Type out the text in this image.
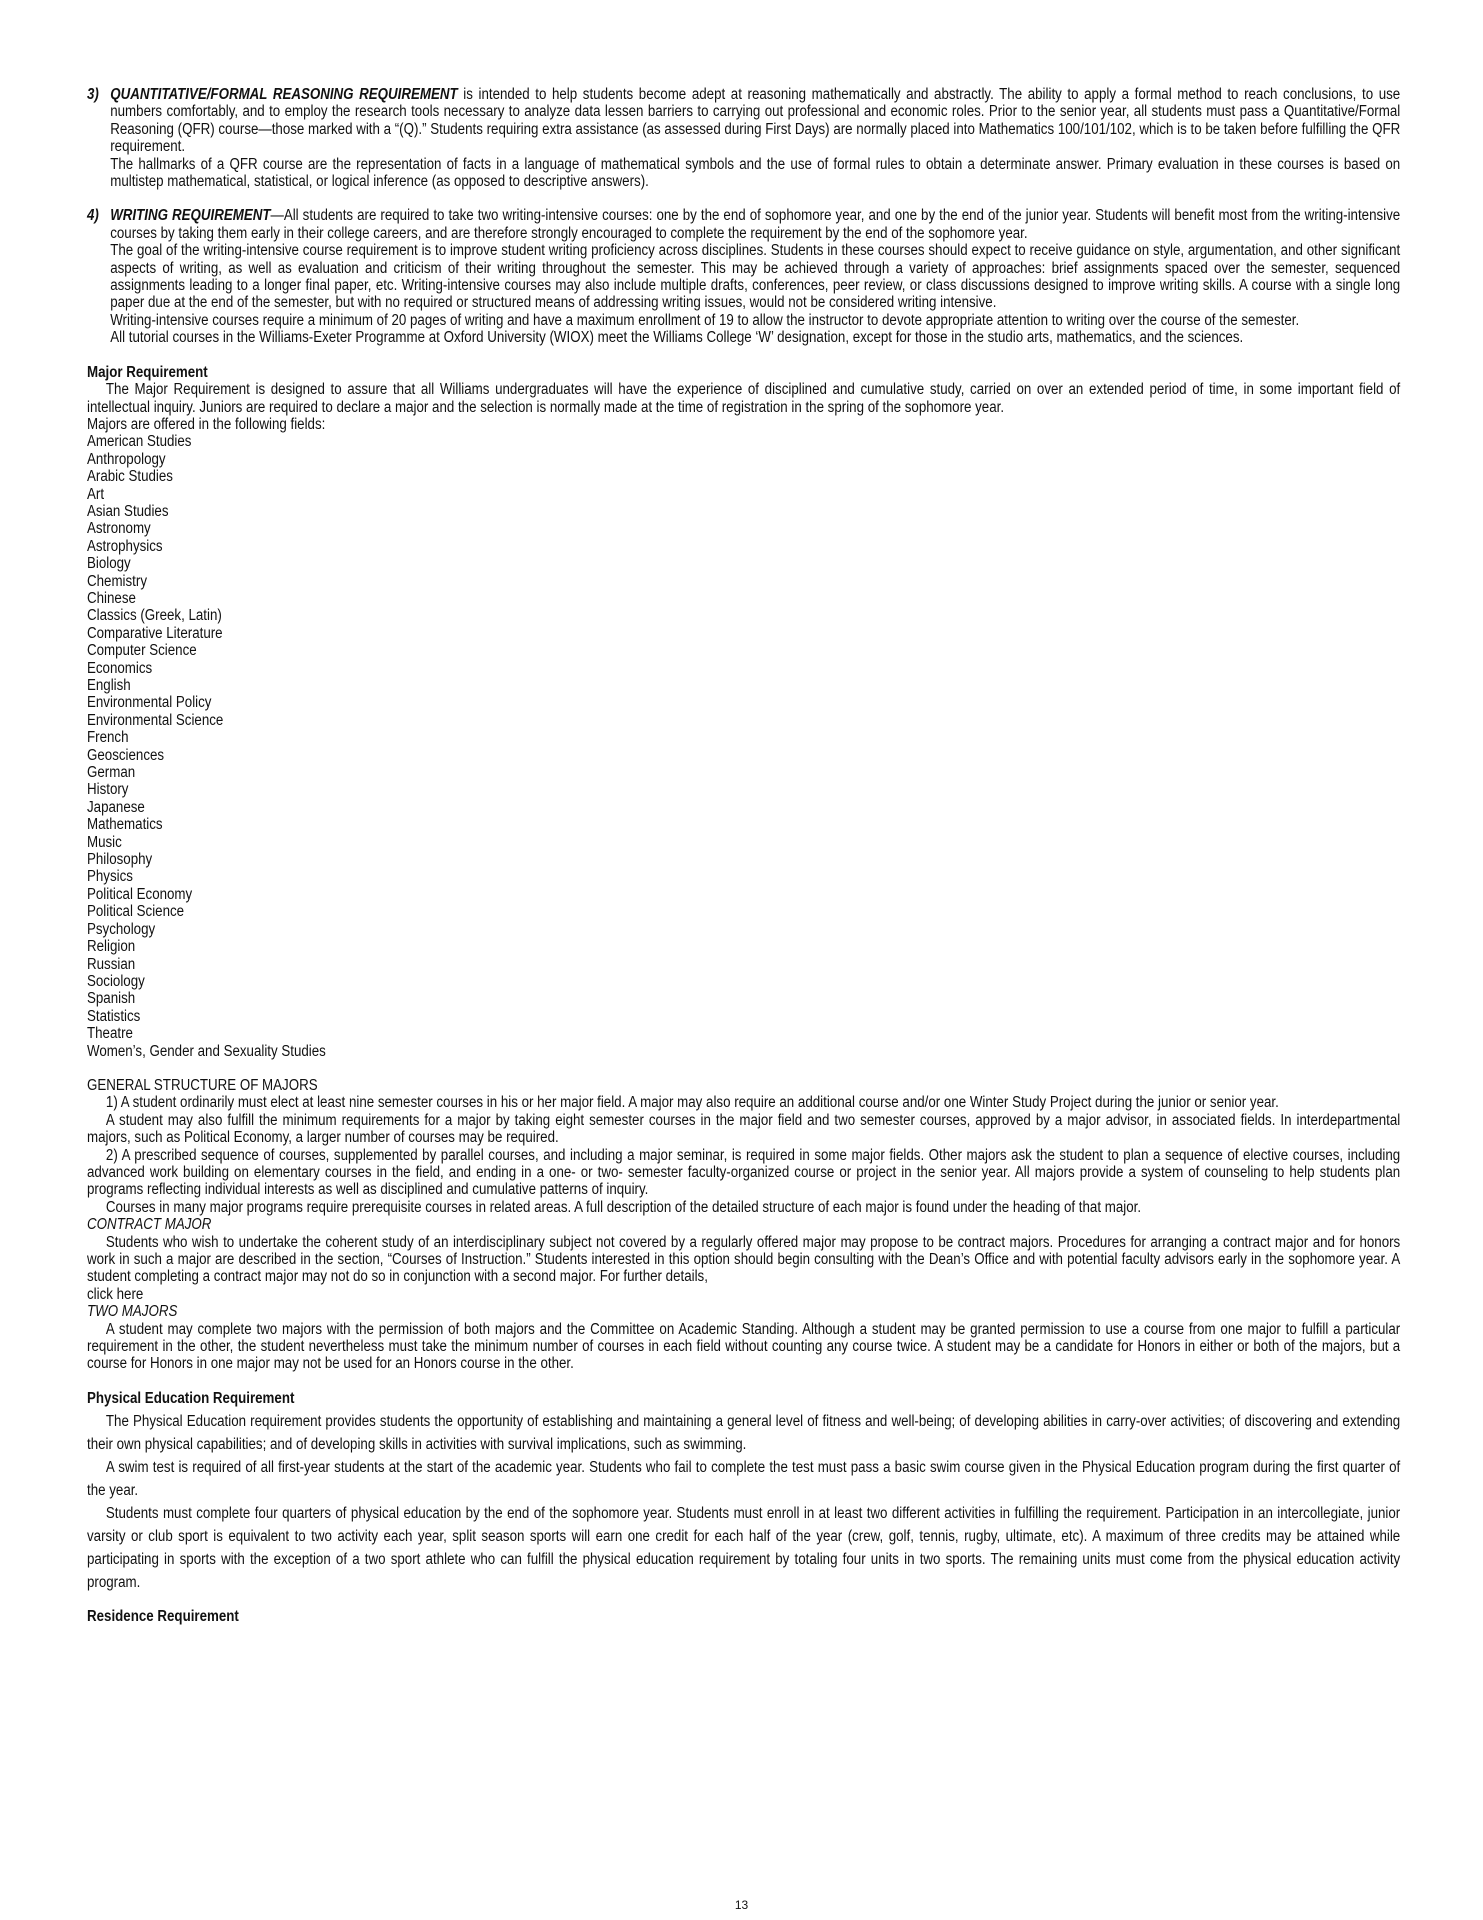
3) QUANTITATIVE/FORMAL REASONING REQUIREMENT is intended to help students become adept at reasoning mathematically and abstractly. The ability to apply a formal method to reach conclusions, to use numbers comfortably, and to employ the research tools necessary to analyze data lessen barriers to carrying out professional and economic roles. Prior to the senior year, all students must pass a Quantitative/Formal Reasoning (QFR) course—those marked with a “(Q).” Students requiring extra assistance (as assessed during First Days) are normally placed into Mathematics 100/101/102, which is to be taken before fulfilling the QFR requirement.

The hallmarks of a QFR course are the representation of facts in a language of mathematical symbols and the use of formal rules to obtain a determinate answer. Primary evaluation in these courses is based on multistep mathematical, statistical, or logical inference (as opposed to descriptive answers).

4) WRITING REQUIREMENT—All students are required to take two writing-intensive courses: one by the end of sophomore year, and one by the end of the junior year. Students will benefit most from the writing-intensive courses by taking them early in their college careers, and are therefore strongly encouraged to complete the requirement by the end of the sophomore year.

The goal of the writing-intensive course requirement is to improve student writing proficiency across disciplines. Students in these courses should expect to receive guidance on style, argumentation, and other significant aspects of writing, as well as evaluation and criticism of their writing throughout the semester. This may be achieved through a variety of approaches: brief assignments spaced over the semester, sequenced assignments leading to a longer final paper, etc. Writing-intensive courses may also include multiple drafts, conferences, peer review, or class discussions designed to improve writing skills. A course with a single long paper due at the end of the semester, but with no required or structured means of addressing writing issues, would not be considered writing intensive.

Writing-intensive courses require a minimum of 20 pages of writing and have a maximum enrollment of 19 to allow the instructor to devote appropriate attention to writing over the course of the semester.

All tutorial courses in the Williams-Exeter Programme at Oxford University (WIOX) meet the Williams College ‘W’ designation, except for those in the studio arts, mathematics, and the sciences.

Major Requirement

The Major Requirement is designed to assure that all Williams undergraduates will have the experience of disciplined and cumulative study, carried on over an extended period of time, in some important field of intellectual inquiry. Juniors are required to declare a major and the selection is normally made at the time of registration in the spring of the sophomore year.

Majors are offered in the following fields:

American Studies
Anthropology
Arabic Studies
Art
Asian Studies
Astronomy
Astrophysics
Biology
Chemistry
Chinese
Classics (Greek, Latin)
Comparative Literature
Computer Science
Economics
English
Environmental Policy
Environmental Science
French
Geosciences
German
History
Japanese
Mathematics
Music
Philosophy
Physics
Political Economy
Political Science
Psychology
Religion
Russian
Sociology
Spanish
Statistics
Theatre
Women’s, Gender and Sexuality Studies

GENERAL STRUCTURE OF MAJORS

1) A student ordinarily must elect at least nine semester courses in his or her major field. A major may also require an additional course and/or one Winter Study Project during the junior or senior year.

A student may also fulfill the minimum requirements for a major by taking eight semester courses in the major field and two semester courses, approved by a major advisor, in associated fields. In interdepartmental majors, such as Political Economy, a larger number of courses may be required.

2) A prescribed sequence of courses, supplemented by parallel courses, and including a major seminar, is required in some major fields. Other majors ask the student to plan a sequence of elective courses, including advanced work building on elementary courses in the field, and ending in a one- or two- semester faculty-organized course or project in the senior year. All majors provide a system of counseling to help students plan programs reflecting individual interests as well as disciplined and cumulative patterns of inquiry.

Courses in many major programs require prerequisite courses in related areas. A full description of the detailed structure of each major is found under the heading of that major.

CONTRACT MAJOR

Students who wish to undertake the coherent study of an interdisciplinary subject not covered by a regularly offered major may propose to be contract majors. Procedures for arranging a contract major and for honors work in such a major are described in the section, “Courses of Instruction.” Students interested in this option should begin consulting with the Dean’s Office and with potential faculty advisors early in the sophomore year. A student completing a contract major may not do so in conjunction with a second major. For further details,

click here

TWO MAJORS

A student may complete two majors with the permission of both majors and the Committee on Academic Standing. Although a student may be granted permission to use a course from one major to fulfill a particular requirement in the other, the student nevertheless must take the minimum number of courses in each field without counting any course twice. A student may be a candidate for Honors in either or both of the majors, but a course for Honors in one major may not be used for an Honors course in the other.

Physical Education Requirement

The Physical Education requirement provides students the opportunity of establishing and maintaining a general level of fitness and well-being; of developing abilities in carry-over activities; of discovering and extending their own physical capabilities; and of developing skills in activities with survival implications, such as swimming.

A swim test is required of all first-year students at the start of the academic year. Students who fail to complete the test must pass a basic swim course given in the Physical Education program during the first quarter of the year.

Students must complete four quarters of physical education by the end of the sophomore year. Students must enroll in at least two different activities in fulfilling the requirement. Participation in an intercollegiate, junior varsity or club sport is equivalent to two activity each year, split season sports will earn one credit for each half of the year (crew, golf, tennis, rugby, ultimate, etc). A maximum of three credits may be attained while participating in sports with the exception of a two sport athlete who can fulfill the physical education requirement by totaling four units in two sports. The remaining units must come from the physical education activity program.

Residence Requirement

13
